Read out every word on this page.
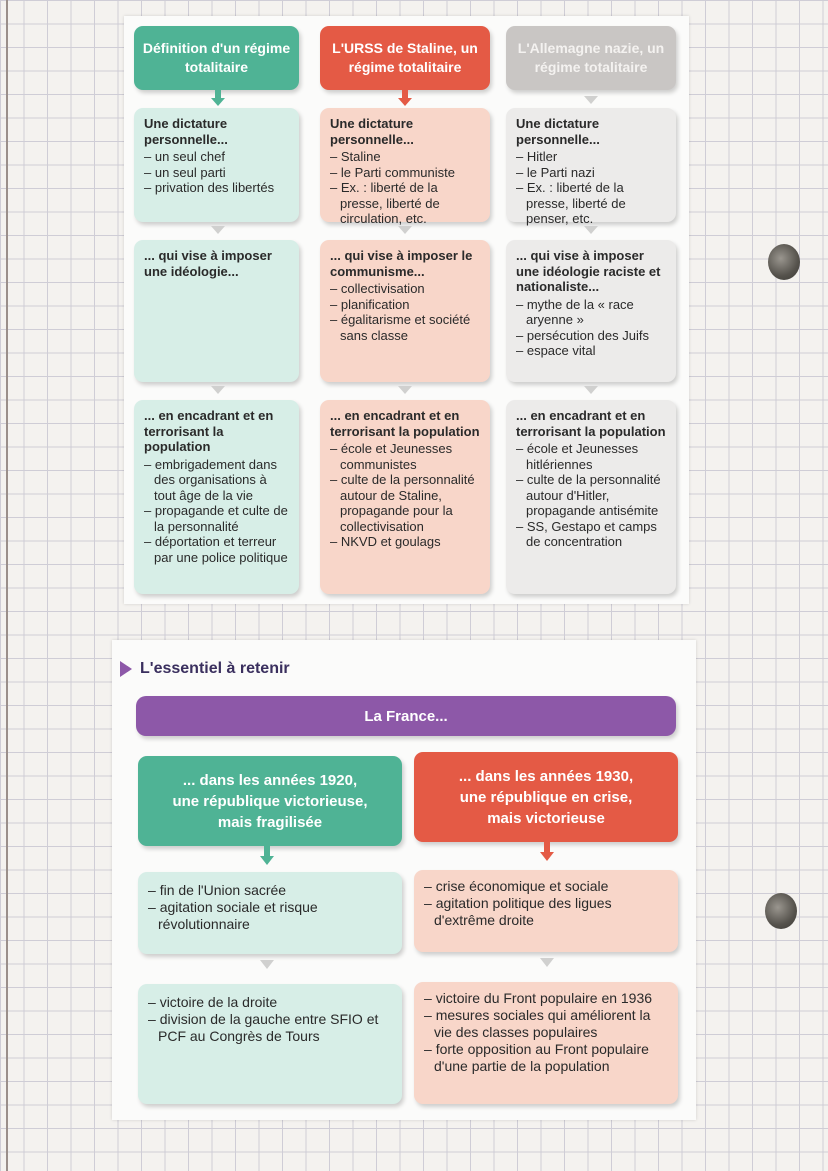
Définition d'un régime totalitaire
Une dictature personnelle...
– un seul chef
– un seul parti
– privation des libertés
... qui vise à imposer une idéologie...
... en encadrant et en terrorisant la population
– embrigadement dans des organisations à tout âge de la vie
– propagande et culte de la personnalité
– déportation et terreur par une police politique
L'URSS de Staline, un régime totalitaire
Une dictature personnelle...
– Staline
– le Parti communiste
– Ex. : liberté de la presse, liberté de circulation, etc.
... qui vise à imposer le communisme...
– collectivisation
– planification
– égalitarisme et société sans classe
... en encadrant et en terrorisant la population
– école et Jeunesses communistes
– culte de la personnalité autour de Staline, propagande pour la collectivisation
– NKVD et goulags
L'Allemagne nazie, un régime totalitaire
Une dictature personnelle...
– Hitler
– le Parti nazi
– Ex. : liberté de la presse, liberté de penser, etc.
... qui vise à imposer une idéologie raciste et nationaliste...
– mythe de la « race aryenne »
– persécution des Juifs
– espace vital
... en encadrant et en terrorisant la population
– école et Jeunesses hitlériennes
– culte de la personnalité autour d'Hitler, propagande antisémite
– SS, Gestapo et camps de concentration
L'essentiel à retenir
La France...
... dans les années 1920, une république victorieuse, mais fragilisée
– fin de l'Union sacrée
– agitation sociale et risque révolutionnaire
– victoire de la droite
– division de la gauche entre SFIO et PCF au Congrès de Tours
... dans les années 1930, une république en crise, mais victorieuse
– crise économique et sociale
– agitation politique des ligues d'extrême droite
– victoire du Front populaire en 1936
– mesures sociales qui améliorent la vie des classes populaires
– forte opposition au Front populaire d'une partie de la population
